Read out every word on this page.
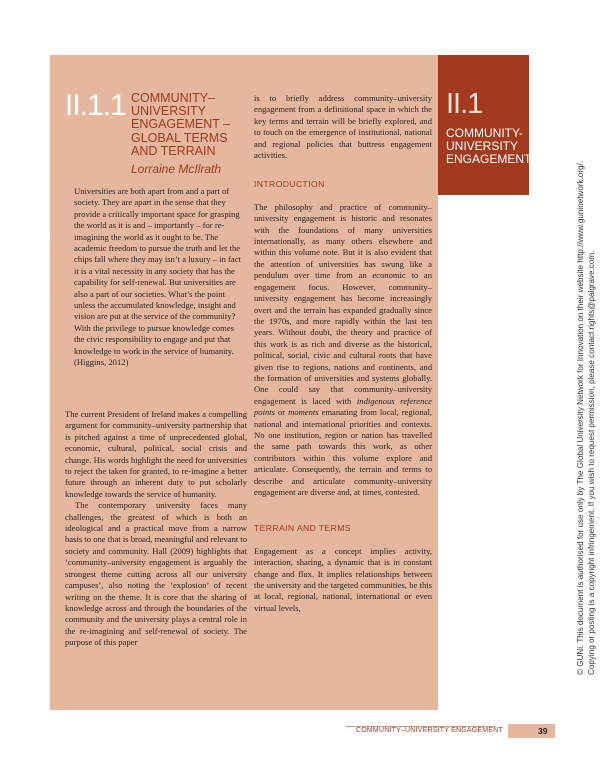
II.1
COMMUNITY-UNIVERSITY ENGAGEMENT
II.1.1 COMMUNITY–UNIVERSITY ENGAGEMENT – GLOBAL TERMS AND TERRAIN
Lorraine McIlrath
Universities are both apart from and a part of society. They are apart in the sense that they provide a critically important space for grasping the world as it is and – importantly – for re-imagining the world as it ought to be. The academic freedom to pursue the truth and let the chips fall where they may isn’t a luxury – in fact it is a vital necessity in any society that has the capability for self-renewal. But universities are also a part of our societies. What’s the point unless the accumulated knowledge, insight and vision are put at the service of the community? With the privilege to pursue knowledge comes the civic responsibility to engage and put that knowledge to work in the service of humanity. (Higgins, 2012)

The current President of Ireland makes a compelling argument for community–university partnership that is pitched against a time of unprecedented global, economic, cultural, political, social crisis and change. His words highlight the need for universities to reject the taken for granted, to re-imagine a better future through an inherent duty to put scholarly knowledge towards the service of humanity.

The contemporary university faces many challenges, the greatest of which is both an ideological and a practical move from a narrow basis to one that is broad, meaningful and relevant to society and community. Hall (2009) highlights that ‘community–university engagement is arguably the strongest theme cutting across all our university campuses’, also noting the ‘explosion’ of recent writing on the theme. It is core that the sharing of knowledge across and through the boundaries of the community and the university plays a central role in the re-imagining and self-renewal of society. The purpose of this paper

is to briefly address community–university engagement from a definitional space in which the key terms and terrain will be briefly explored, and to touch on the emergence of institutional, national and regional policies that buttress engagement activities.

INTRODUCTION

The philosophy and practice of community–university engagement is historic and resonates with the foundations of many universities internationally, as many others elsewhere and within this volume note. But it is also evident that the attention of universities has swung like a pendulum over time from an economic to an engagement focus. However, community–university engagement has become increasingly overt and the terrain has expanded gradually since the 1970s, and more rapidly within the last ten years. Without doubt, the theory and practice of this work is as rich and diverse as the historical, political, social, civic and cultural roots that have given rise to regions, nations and continents, and the formation of universities and systems globally. One could say that community–university engagement is laced with indigenous reference points or moments emanating from local, regional, national and international priorities and contexts. No one institution, region or nation has travelled the same path towards this work, as other contributors within this volume explore and articulate. Consequently, the terrain and terms to describe and articulate community–university engagement are diverse and, at times, contested.

TERRAIN AND TERMS

Engagement as a concept implies activity, interaction, sharing, a dynamic that is in constant change and flux. It implies relationships between the university and the targeted communities, be this at local, regional, national, international or even virtual levels,

COMMUNITY–UNIVERSITY ENGAGEMENT	39
© GUNi. This document is authorised for use only by The Global University Network for Innovation on their website http://www.guninetwork.org/. Copying or posting is a copyright infringement. If you wish to request permission, please contact rights@palgrave.com.
